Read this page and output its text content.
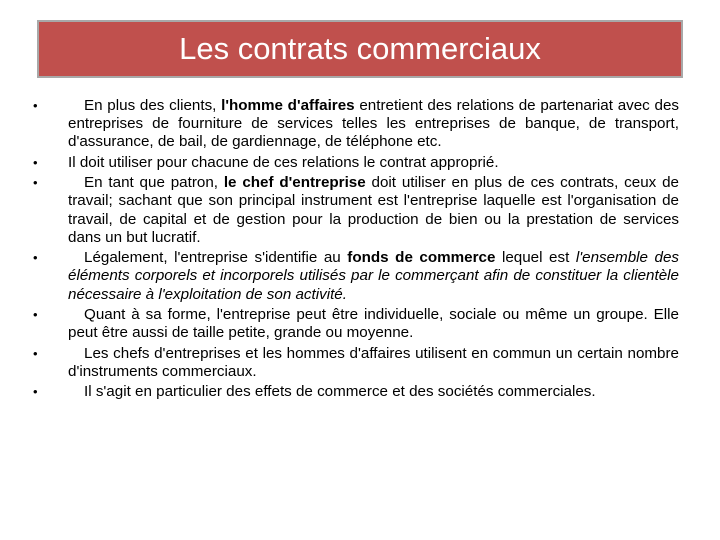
Les contrats commerciaux
•	En plus des clients, l'homme d'affaires entretient des relations de partenariat avec des entreprises de fourniture de services telles les entreprises de banque, de transport, d'assurance, de bail, de gardiennage, de téléphone etc.
•	Il doit utiliser pour chacune de ces relations le contrat approprié.
•	En tant que patron, le chef d'entreprise doit utiliser en plus de ces contrats, ceux de travail; sachant que son principal instrument est l'entreprise laquelle est l'organisation de travail, de capital et de gestion pour la production de bien ou la prestation de services dans un but lucratif.
•	Légalement, l'entreprise s'identifie au fonds de commerce lequel est l'ensemble des éléments corporels et incorporels utilisés par le commerçant afin de constituer la clientèle nécessaire à l'exploitation de son activité.
•	Quant à sa forme, l'entreprise peut être individuelle, sociale ou même un groupe. Elle peut être aussi de taille petite, grande ou moyenne.
•	Les chefs d'entreprises et les hommes d'affaires utilisent en commun un certain nombre d'instruments commerciaux.
•	Il s'agit en particulier des effets de commerce et des sociétés commerciales.
